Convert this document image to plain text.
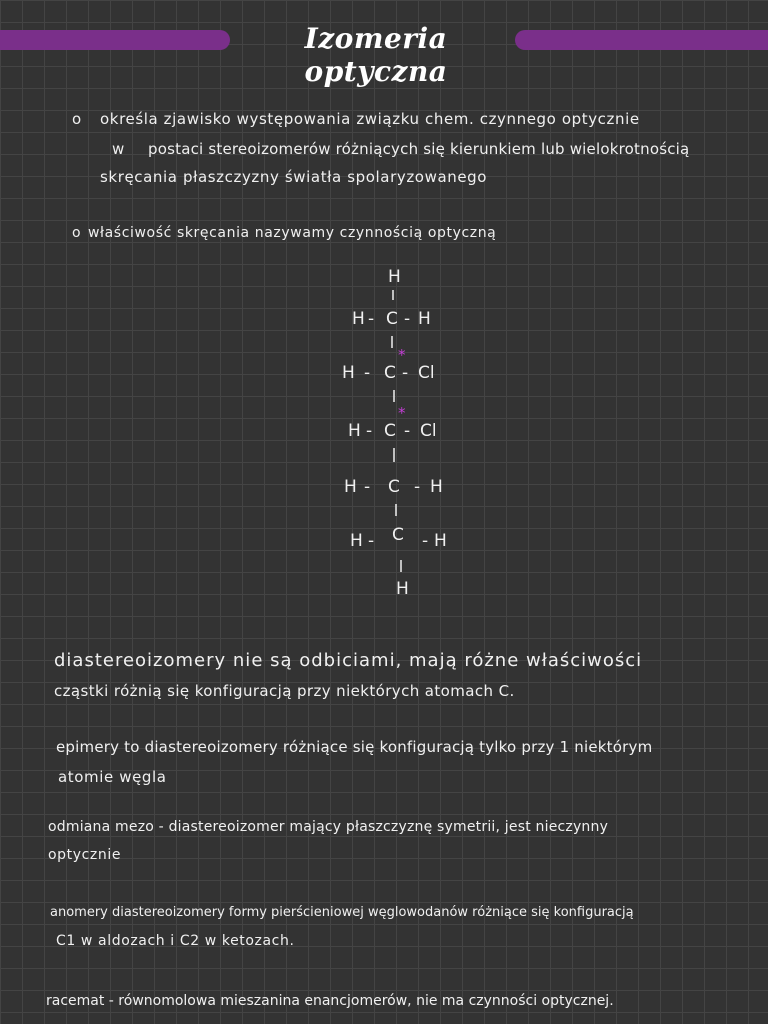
Izomeria optyczna
o określa zjawisko występowania związku chem. czynnego optycznie
w postaci stereoizomerów różniących się kierunkiem lub wielokrotnością
skręcania płaszczyzny światła spolaryzowanego
o właściwość skręcania nazywamy czynnością optyczną
H
H - C - H
H - C
*
- Cl
H - C
*
- Cl
H - C - H
H - C - H
H
diastereoizomery nie są odbiciami, mają różne właściwości
cząstki różnią się konfiguracją przy niektórych atomach C.
epimery to diastereoizomery różniące się konfiguracją tylko przy 1 niektórym
atomie węgla
odmiana mezo - diastereoizomer mający płaszczyznę symetrii, jest nieczynny
optycznie
anomery diastereoizomery formy pierścieniowej węglowodanów różniące się konfiguracją
C1 w aldozach i C2 w ketozach.
racemat - równomolowa mieszanina enancjomerów, nie ma czynności optycznej.
